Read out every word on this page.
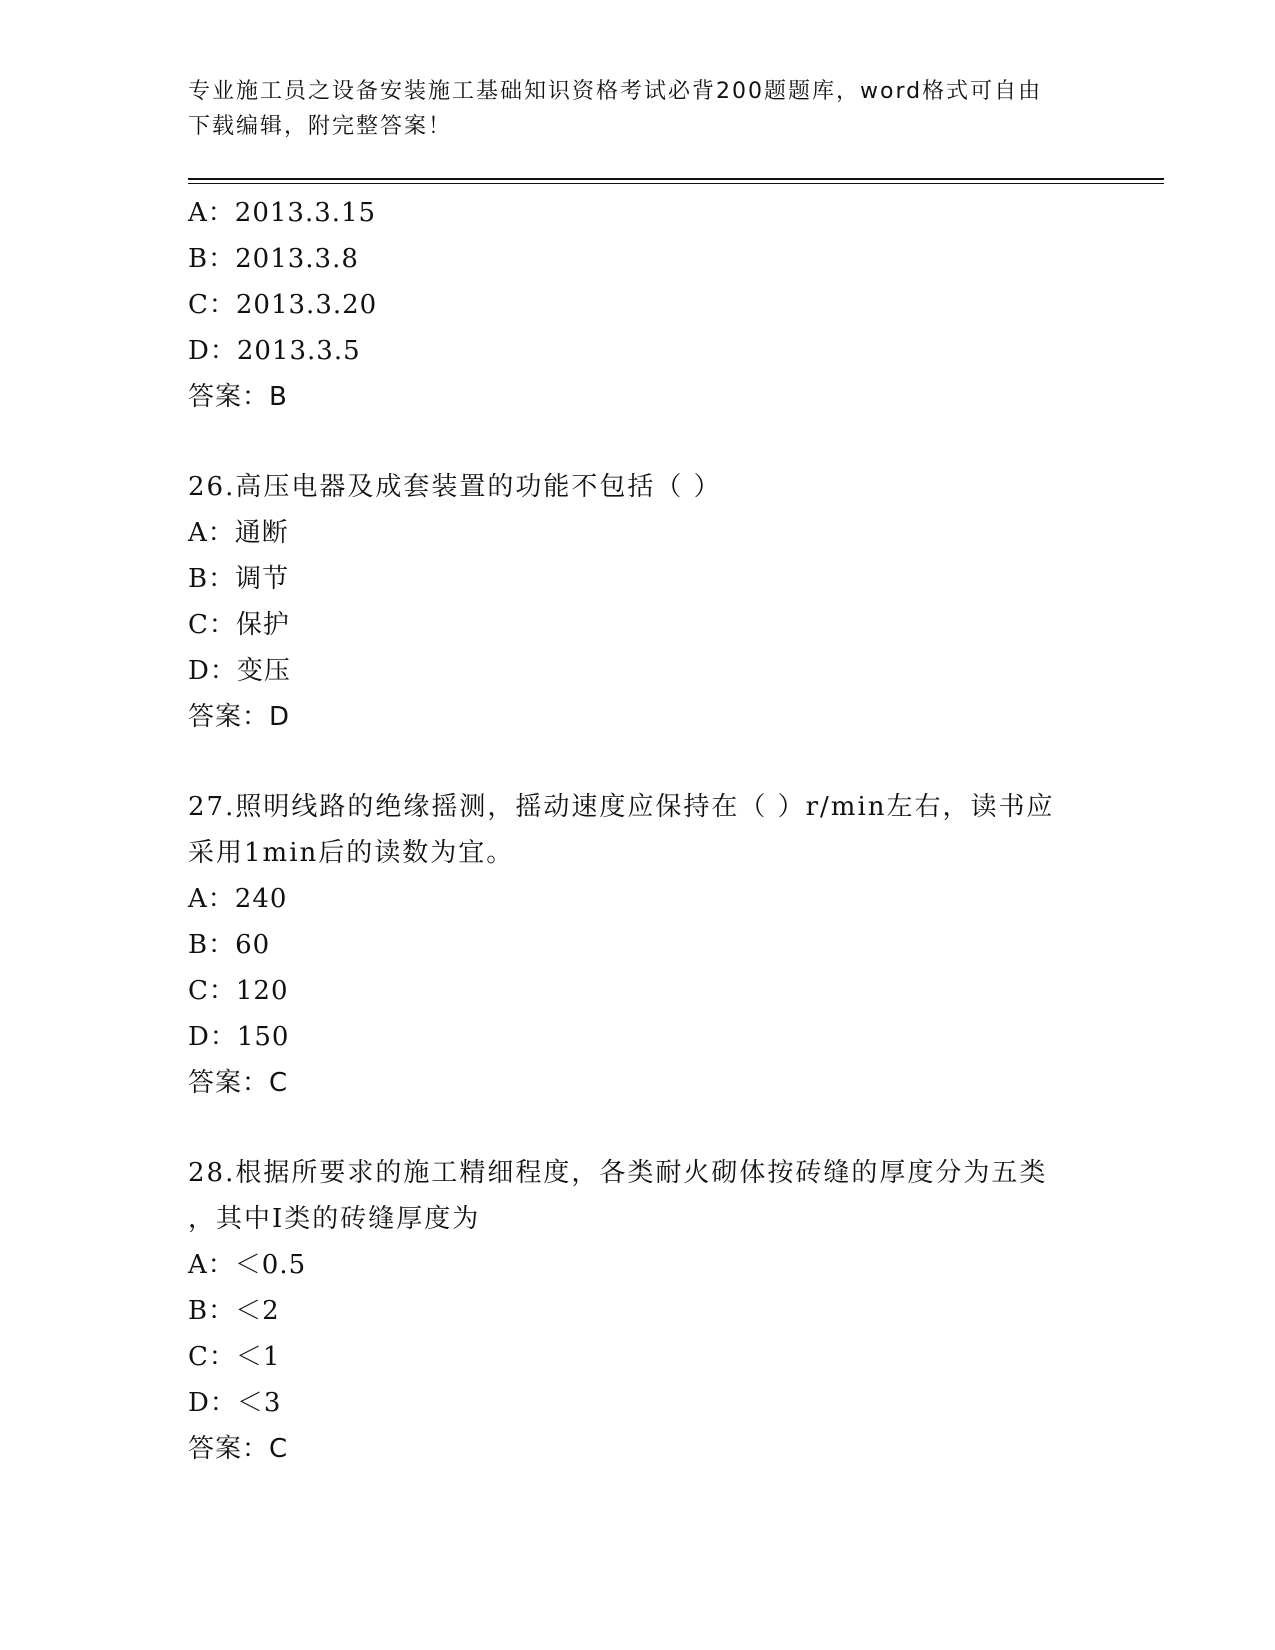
专业施工员之设备安装施工基础知识资格考试必背200题题库，word格式可自由
下载编辑，附完整答案！
A：2013.3.15
B：2013.3.8
C：2013.3.20
D：2013.3.5
答案：B
26.高压电器及成套装置的功能不包括（ ）
A：通断
B：调节
C：保护
D：变压
答案：D
27.照明线路的绝缘摇测，摇动速度应保持在（ ）r/min左右，读书应
采用1min后的读数为宜。
A：240
B：60
C：120
D：150
答案：C
28.根据所要求的施工精细程度，各类耐火砌体按砖缝的厚度分为五类
，其中I类的砖缝厚度为
A：＜0.5
B：＜2
C：＜1
D：＜3
答案：C
